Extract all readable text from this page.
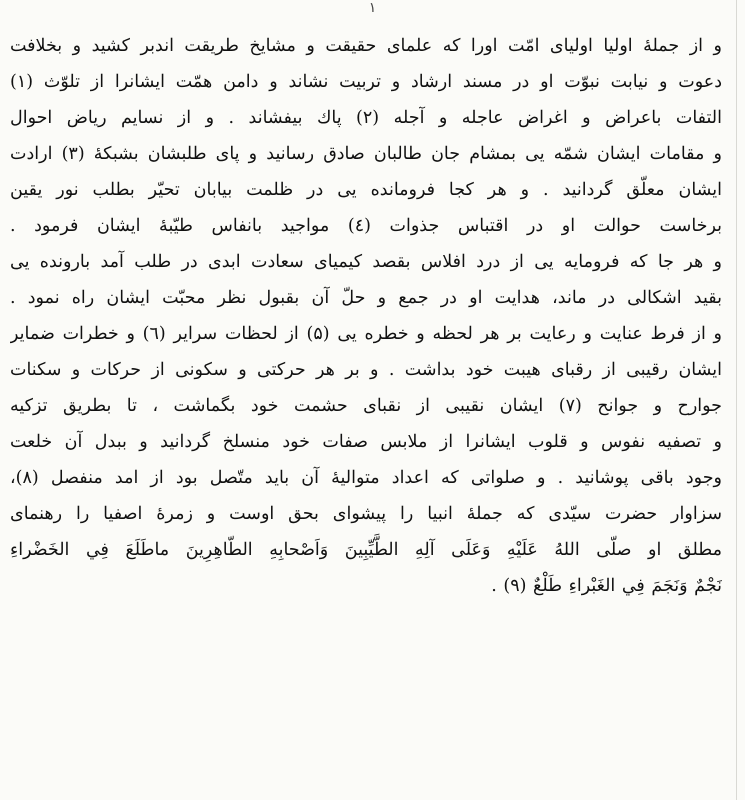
١
و از جملهٔ اولیا اولیای امّت اورا که علمای حقیقت و مشایخ طریقت اندبر کشید و بخلافت
دعوت و نیابت نبوّت او در مسند ارشاد و تربیت نشاند و دامن همّت ایشانرا از تلوّث (۱)
التفات باعراض و اغراض عاجله و آجله (۲) پاك بیفشاند . و از نسایم ریاض احوال
و مقامات ایشان شمّه یی بمشام جان طالبان صادق رسانید و پای طلبشان بشبکهٔ (۳) ارادت
ایشان معلّق گردانید . و هر کجا فرومانده یی در ظلمت بیابان تحیّر بطلب نور یقین
برخاست حوالت او در اقتباس جذوات (٤) مواجید بانفاس طیّبهٔ ایشان فرمود .
و هر جا که فرومایه یی از درد افلاس بقصد کیمیای سعادت ابدی در طلب آمد بارونده یی
بقید اشکالی در ماند، هدایت او در جمع و حلّ آن بقبول نظر محبّت ایشان راه نمود .
و از فرط عنایت و رعایت بر هر لحظه و خطره یی (۵) از لحظات سرایر (٦) و خطرات ضمایر
ایشان رقیبی از رقبای هیبت خود بداشت . و بر هر حرکتی و سکونی از حرکات و سکنات
جوارح و جوانح (۷) ایشان نقیبی از نقبای حشمت خود بگماشت ، تا بطریق تزکیه
و تصفیه نفوس و قلوب ایشانرا از ملابس صفات خود منسلخ گردانید و ببدل آن خلعت
وجود باقی پوشانید . و صلواتی که اعداد متوالیهٔ آن باید متّصل بود از امد منفصل (۸)،
سزاوار حضرت سیّدی که جملهٔ انبیا را پیشوای بحق اوست و زمرهٔ اصفیا را رهنمای
مطلق او صلّی اللهُ عَلَیْهِ وَعَلَى آلِهِ الطَّیِّبِینَ وَاَصْحابِهِ الطّاهِرِینَ ماطَلَعَ فِي الخَضْراءِ
نَجْمٌ وَنَجَمَ فِي الغَبْراءِ طَلْعٌ (۹) .
